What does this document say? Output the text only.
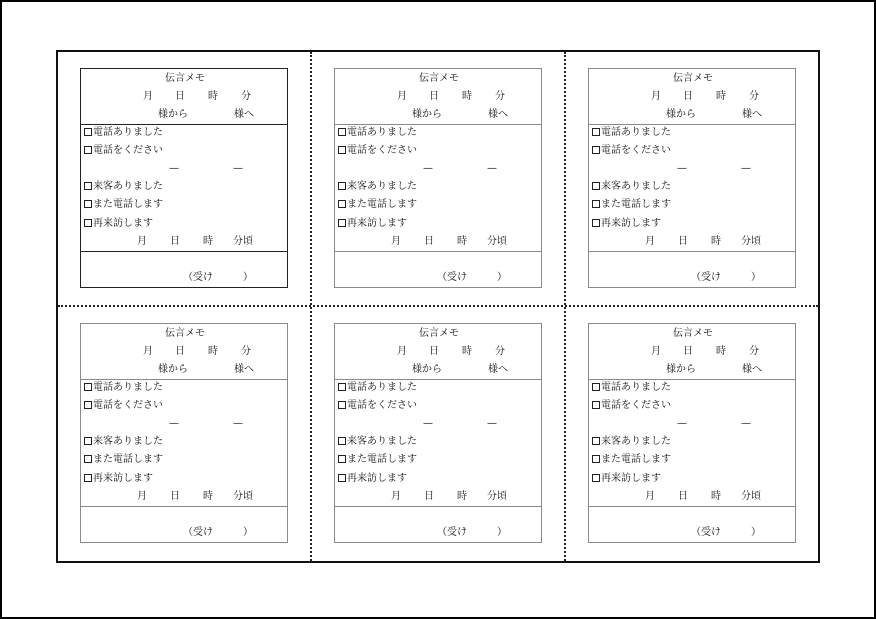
伝言メモ
月 日 時 分
様から	様へ
電話ありました
電話をください
—	—
来客ありました
また電話します
再来訪します
月 日 時 分頃
（受け　　　）
伝言メモ
月 日 時 分
様から	様へ
電話ありました
電話をください
—	—
来客ありました
また電話します
再来訪します
月 日 時 分頃
（受け　　　）
伝言メモ
月 日 時 分
様から	様へ
電話ありました
電話をください
—	—
来客ありました
また電話します
再来訪します
月 日 時 分頃
（受け　　　）
伝言メモ
月 日 時 分
様から	様へ
電話ありました
電話をください
—	—
来客ありました
また電話します
再来訪します
月 日 時 分頃
（受け　　　）
伝言メモ
月 日 時 分
様から	様へ
電話ありました
電話をください
—	—
来客ありました
また電話します
再来訪します
月 日 時 分頃
（受け　　　）
伝言メモ
月 日 時 分
様から	様へ
電話ありました
電話をください
—	—
来客ありました
また電話します
再来訪します
月 日 時 分頃
（受け　　　）
